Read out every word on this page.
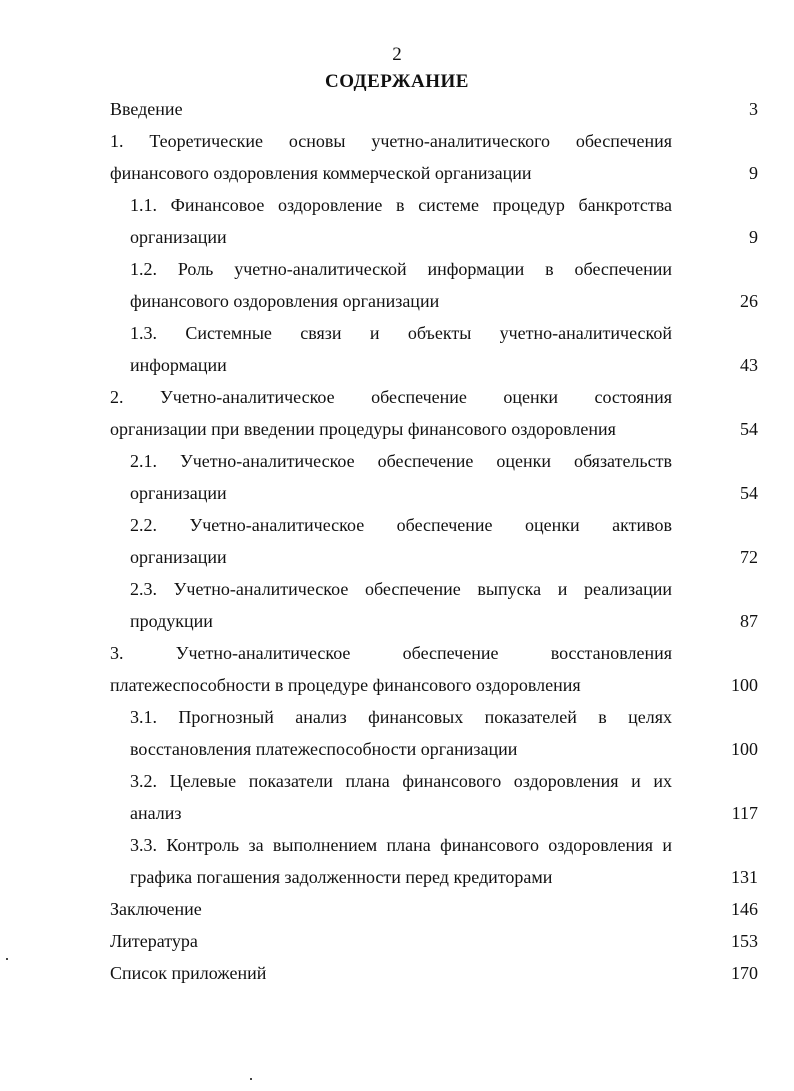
2
СОДЕРЖАНИЕ
Введение	3
1. Теоретические основы учетно-аналитического обеспечения
финансового оздоровления коммерческой организации	9
1.1. Финансовое оздоровление в системе процедур банкротства
организации	9
1.2. Роль учетно-аналитической информации в обеспечении
финансового оздоровления организации	26
1.3. Системные связи и объекты учетно-аналитической
информации	43
2. Учетно-аналитическое обеспечение оценки состояния
организации при введении процедуры финансового оздоровления	54
2.1. Учетно-аналитическое обеспечение оценки обязательств
организации	54
2.2. Учетно-аналитическое обеспечение оценки активов
организации	72
2.3. Учетно-аналитическое обеспечение выпуска и реализации
продукции	87
3. Учетно-аналитическое обеспечение восстановления
платежеспособности в процедуре финансового оздоровления	100
3.1. Прогнозный анализ финансовых показателей в целях
восстановления платежеспособности организации	100
3.2. Целевые показатели плана финансового оздоровления и их
анализ	117
3.3. Контроль за выполнением плана финансового оздоровления и
графика погашения задолженности перед кредиторами	131
Заключение	146
Литература	153
Список приложений	170
